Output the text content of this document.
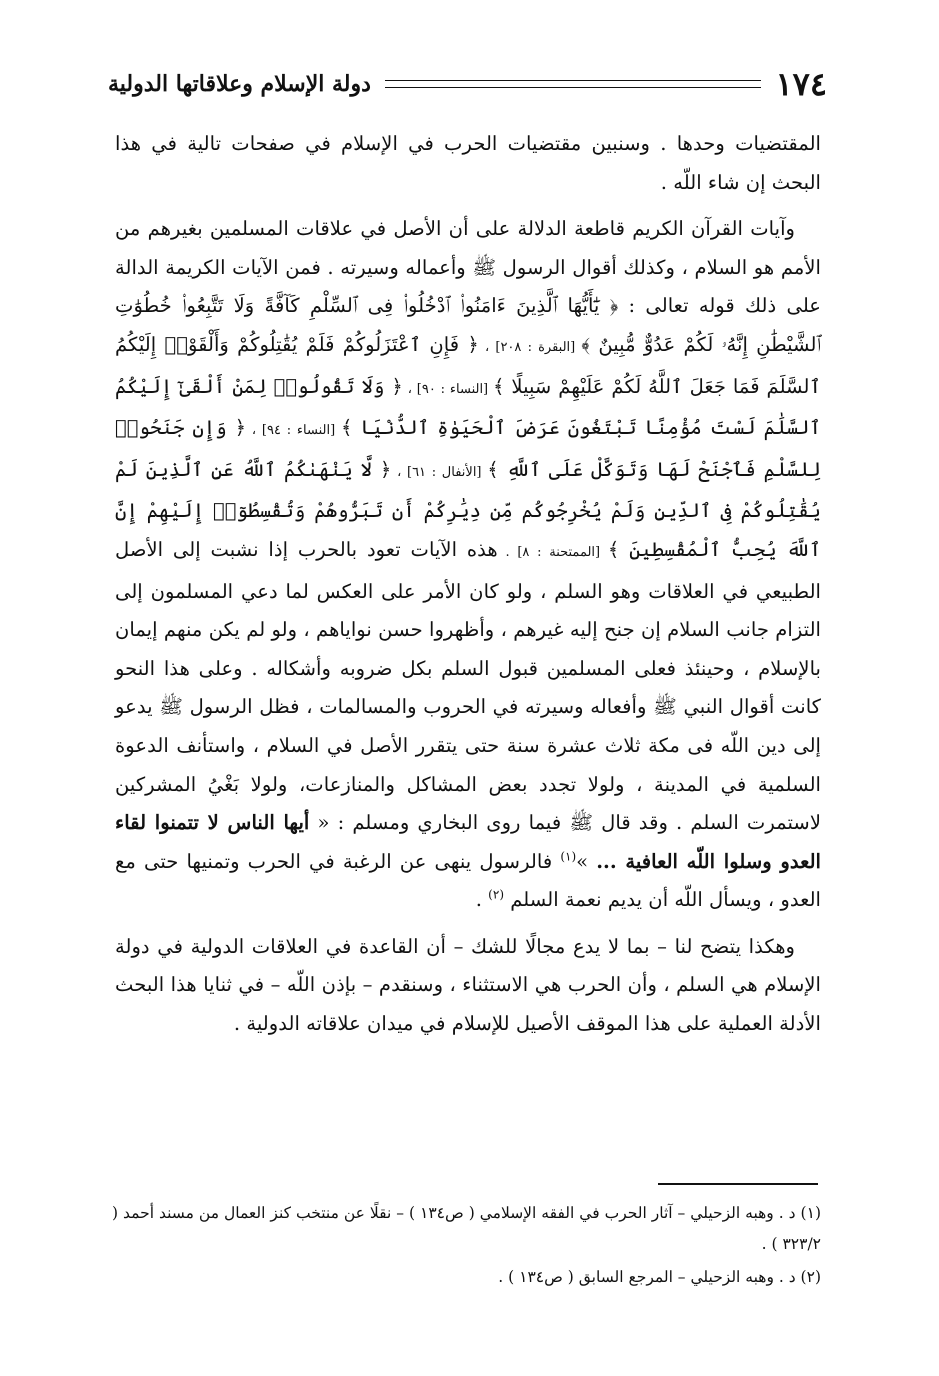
١٧٤
دولة الإسلام وعلاقاتها الدولية

المقتضيات وحدها . وسنبين مقتضيات الحرب في الإسلام في صفحات تالية في هذا البحث إن شاء اللّه .

وآيات القرآن الكريم قاطعة الدلالة على أن الأصل في علاقات المسلمين بغيرهم من الأمم هو السلام ، وكذلك أقوال الرسول ﷺ وأعماله وسيرته . فمن الآيات الكريمة الدالة على ذلك قوله تعالى : ﴿ يَٰٓأَيُّهَا ٱلَّذِينَ ءَامَنُوا۟ ٱدْخُلُوا۟ فِى ٱلسِّلْمِ كَآفَّةً وَلَا تَتَّبِعُوا۟ خُطُوَٰتِ ٱلشَّيْطَٰنِ إِنَّهُۥ لَكُمْ عَدُوٌّ مُّبِينٌ ﴾ [البقرة : ٢٠٨] ، ﴿ فَإِنِ ٱعْتَزَلُوكُمْ فَلَمْ يُقَٰتِلُوكُمْ وَأَلْقَوْا۟ إِلَيْكُمُ ٱلسَّلَمَ فَمَا جَعَلَ ٱللَّهُ لَكُمْ عَلَيْهِمْ سَبِيلًا ﴾ [النساء : ٩٠] ، ﴿ وَلَا تَقُولُوا۟ لِمَنْ أَلْقَىٰٓ إِلَيْكُمُ ٱلسَّلَٰمَ لَسْتَ مُؤْمِنًا تَبْتَغُونَ عَرَضَ ٱلْحَيَوٰةِ ٱلدُّنْيَا ﴾ [النساء : ٩٤] ، ﴿ وَإِن جَنَحُوا۟ لِلسَّلْمِ فَٱجْنَحْ لَهَا وَتَوَكَّلْ عَلَى ٱللَّهِ ﴾ [الأنفال : ٦١] ، ﴿ لَّا يَنْهَىٰكُمُ ٱللَّهُ عَنِ ٱلَّذِينَ لَمْ يُقَٰتِلُوكُمْ فِى ٱلدِّينِ وَلَمْ يُخْرِجُوكُم مِّن دِيَٰرِكُمْ أَن تَبَرُّوهُمْ وَتُقْسِطُوٓا۟ إِلَيْهِمْ إِنَّ ٱللَّهَ يُحِبُّ ٱلْمُقْسِطِينَ ﴾ [الممتحنة : ٨] . هذه الآيات تعود بالحرب إذا نشبت إلى الأصل الطبيعي في العلاقات وهو السلم ، ولو كان الأمر على العكس لما دعي المسلمون إلى التزام جانب السلام إن جنح إليه غيرهم ، وأظهروا حسن نواياهم ، ولو لم يكن منهم إيمان بالإسلام ، وحينئذ فعلى المسلمين قبول السلم بكل ضروبه وأشكاله . وعلى هذا النحو كانت أقوال النبي ﷺ وأفعاله وسيرته في الحروب والمسالمات ، فظل الرسول ﷺ يدعو إلى دين اللّه فى مكة ثلاث عشرة سنة حتى يتقرر الأصل في السلام ، واستأنف الدعوة السلمية في المدينة ، ولولا تجدد بعض المشاكل والمنازعات، ولولا بَغْيُ المشركين لاستمرت السلم . وقد قال ﷺ فيما روى البخاري ومسلم : « أيها الناس لا تتمنوا لقاء العدو وسلوا اللّه العافية ... »$^{(١)}$ فالرسول ينهى عن الرغبة في الحرب وتمنيها حتى مع العدو ، ويسأل اللّه أن يديم نعمة السلم $^{(٢)}$ .

وهكذا يتضح لنا – بما لا يدع مجالًا للشك – أن القاعدة في العلاقات الدولية في دولة الإسلام هي السلم ، وأن الحرب هي الاستثناء ، وسنقدم – بإذن اللّه – في ثنايا هذا البحث الأدلة العملية على هذا الموقف الأصيل للإسلام في ميدان علاقاته الدولية .

(١) د . وهبه الزحيلي – آثار الحرب في الفقه الإسلامي ( ص١٣٤ ) – نقلًا عن منتخب كنز العمال من مسند أحمد ( ٣٢٣/٢ ) .

(٢) د . وهبه الزحيلي – المرجع السابق ( ص١٣٤ ) .
